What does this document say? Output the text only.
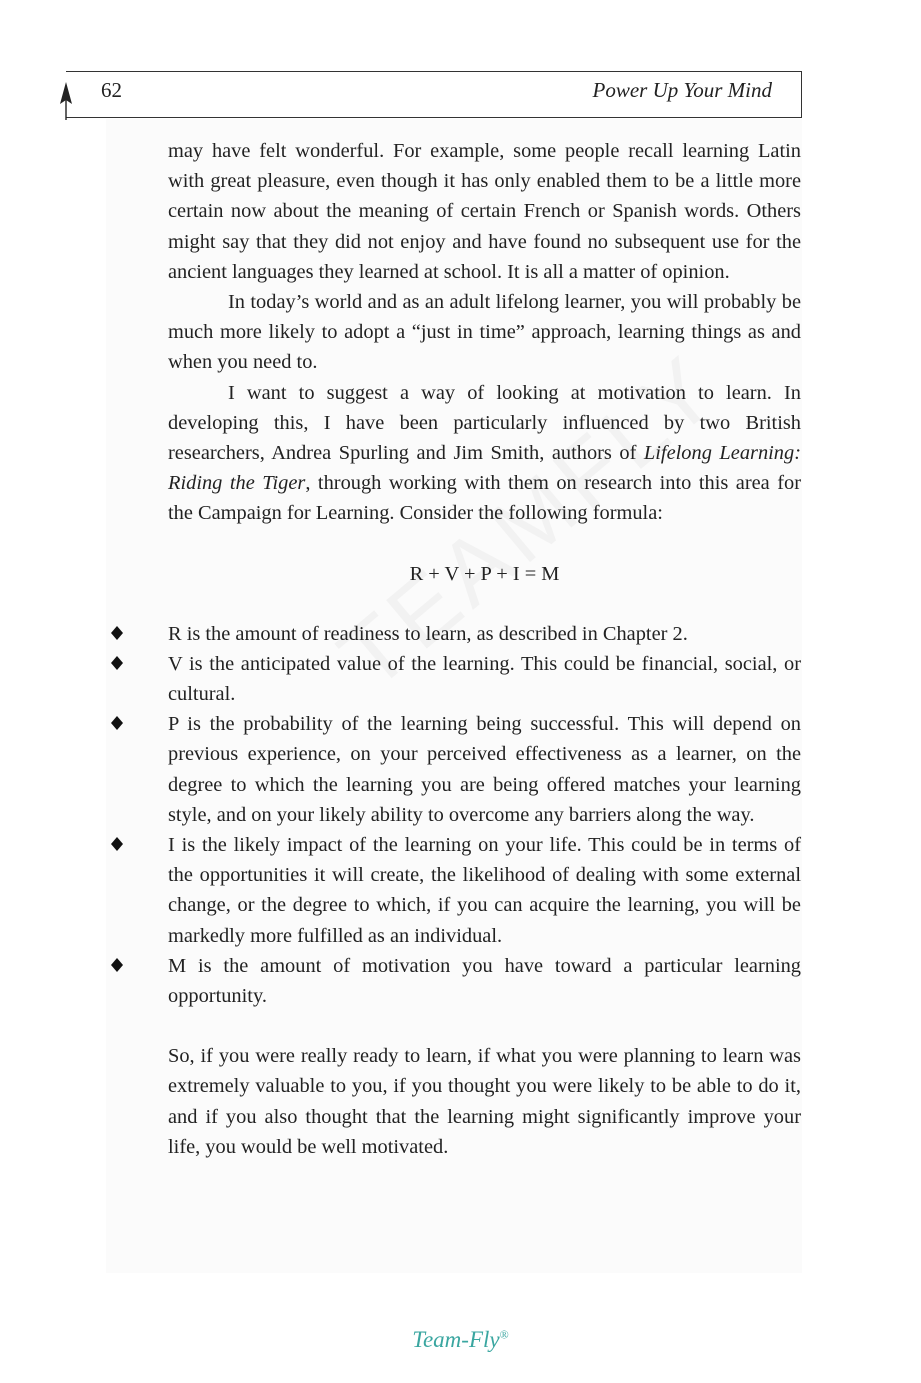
62	Power Up Your Mind

may have felt wonderful. For example, some people recall learning Latin with great pleasure, even though it has only enabled them to be a little more certain now about the meaning of certain French or Spanish words. Others might say that they did not enjoy and have found no subsequent use for the ancient languages they learned at school. It is all a matter of opinion.

In today’s world and as an adult lifelong learner, you will probably be much more likely to adopt a “just in time” approach, learning things as and when you need to.

I want to suggest a way of looking at motivation to learn. In developing this, I have been particularly influenced by two British researchers, Andrea Spurling and Jim Smith, authors of Lifelong Learning: Riding the Tiger, through working with them on research into this area for the Campaign for Learning. Consider the following formula:

R + V + P + I = M

R is the amount of readiness to learn, as described in Chapter 2.
V is the anticipated value of the learning. This could be financial, social, or cultural.
P is the probability of the learning being successful. This will depend on previous experience, on your perceived effectiveness as a learner, on the degree to which the learning you are being offered matches your learning style, and on your likely ability to overcome any barriers along the way.
I is the likely impact of the learning on your life. This could be in terms of the opportunities it will create, the likelihood of dealing with some external change, or the degree to which, if you can acquire the learning, you will be markedly more fulfilled as an individual.
M is the amount of motivation you have toward a particular learning opportunity.

So, if you were really ready to learn, if what you were planning to learn was extremely valuable to you, if you thought you were likely to be able to do it, and if you also thought that the learning might significantly improve your life, you would be well motivated.

Team-Fly®
